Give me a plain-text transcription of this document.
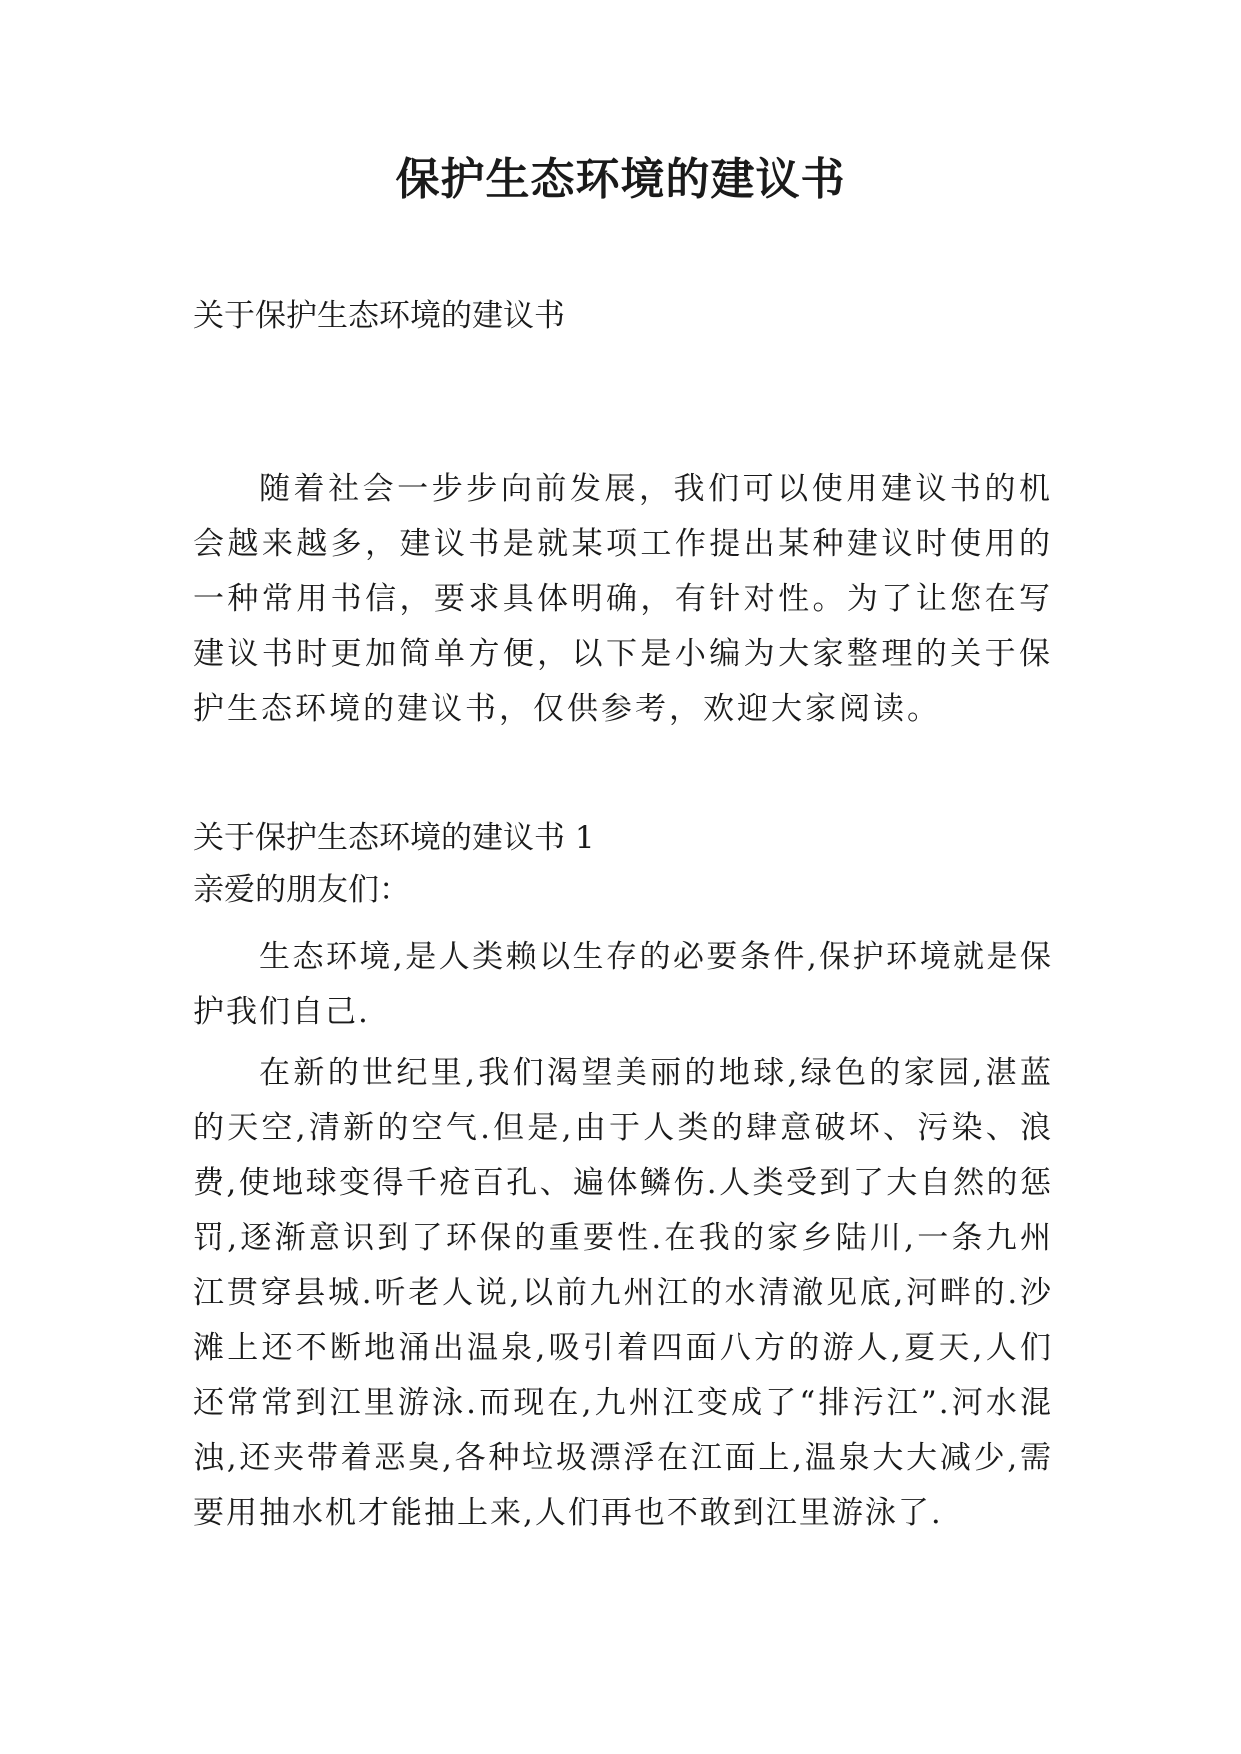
保护生态环境的建议书

关于保护生态环境的建议书

随着社会一步步向前发展，我们可以使用建议书的机会越来越多，建议书是就某项工作提出某种建议时使用的一种常用书信，要求具体明确，有针对性。为了让您在写建议书时更加简单方便，以下是小编为大家整理的关于保护生态环境的建议书，仅供参考，欢迎大家阅读。

关于保护生态环境的建议书 1

亲爱的朋友们：

生态环境,是人类赖以生存的必要条件,保护环境就是保护我们自己.

在新的世纪里,我们渴望美丽的地球,绿色的家园,湛蓝的天空,清新的空气.但是,由于人类的肆意破坏、污染、浪费,使地球变得千疮百孔、遍体鳞伤.人类受到了大自然的惩罚,逐渐意识到了环保的重要性.在我的家乡陆川,一条九州江贯穿县城.听老人说,以前九州江的水清澈见底,河畔的.沙滩上还不断地涌出温泉,吸引着四面八方的游人,夏天,人们还常常到江里游泳.而现在,九州江变成了“排污江”.河水混浊,还夹带着恶臭,各种垃圾漂浮在江面上,温泉大大减少,需要用抽水机才能抽上来,人们再也不敢到江里游泳了.
